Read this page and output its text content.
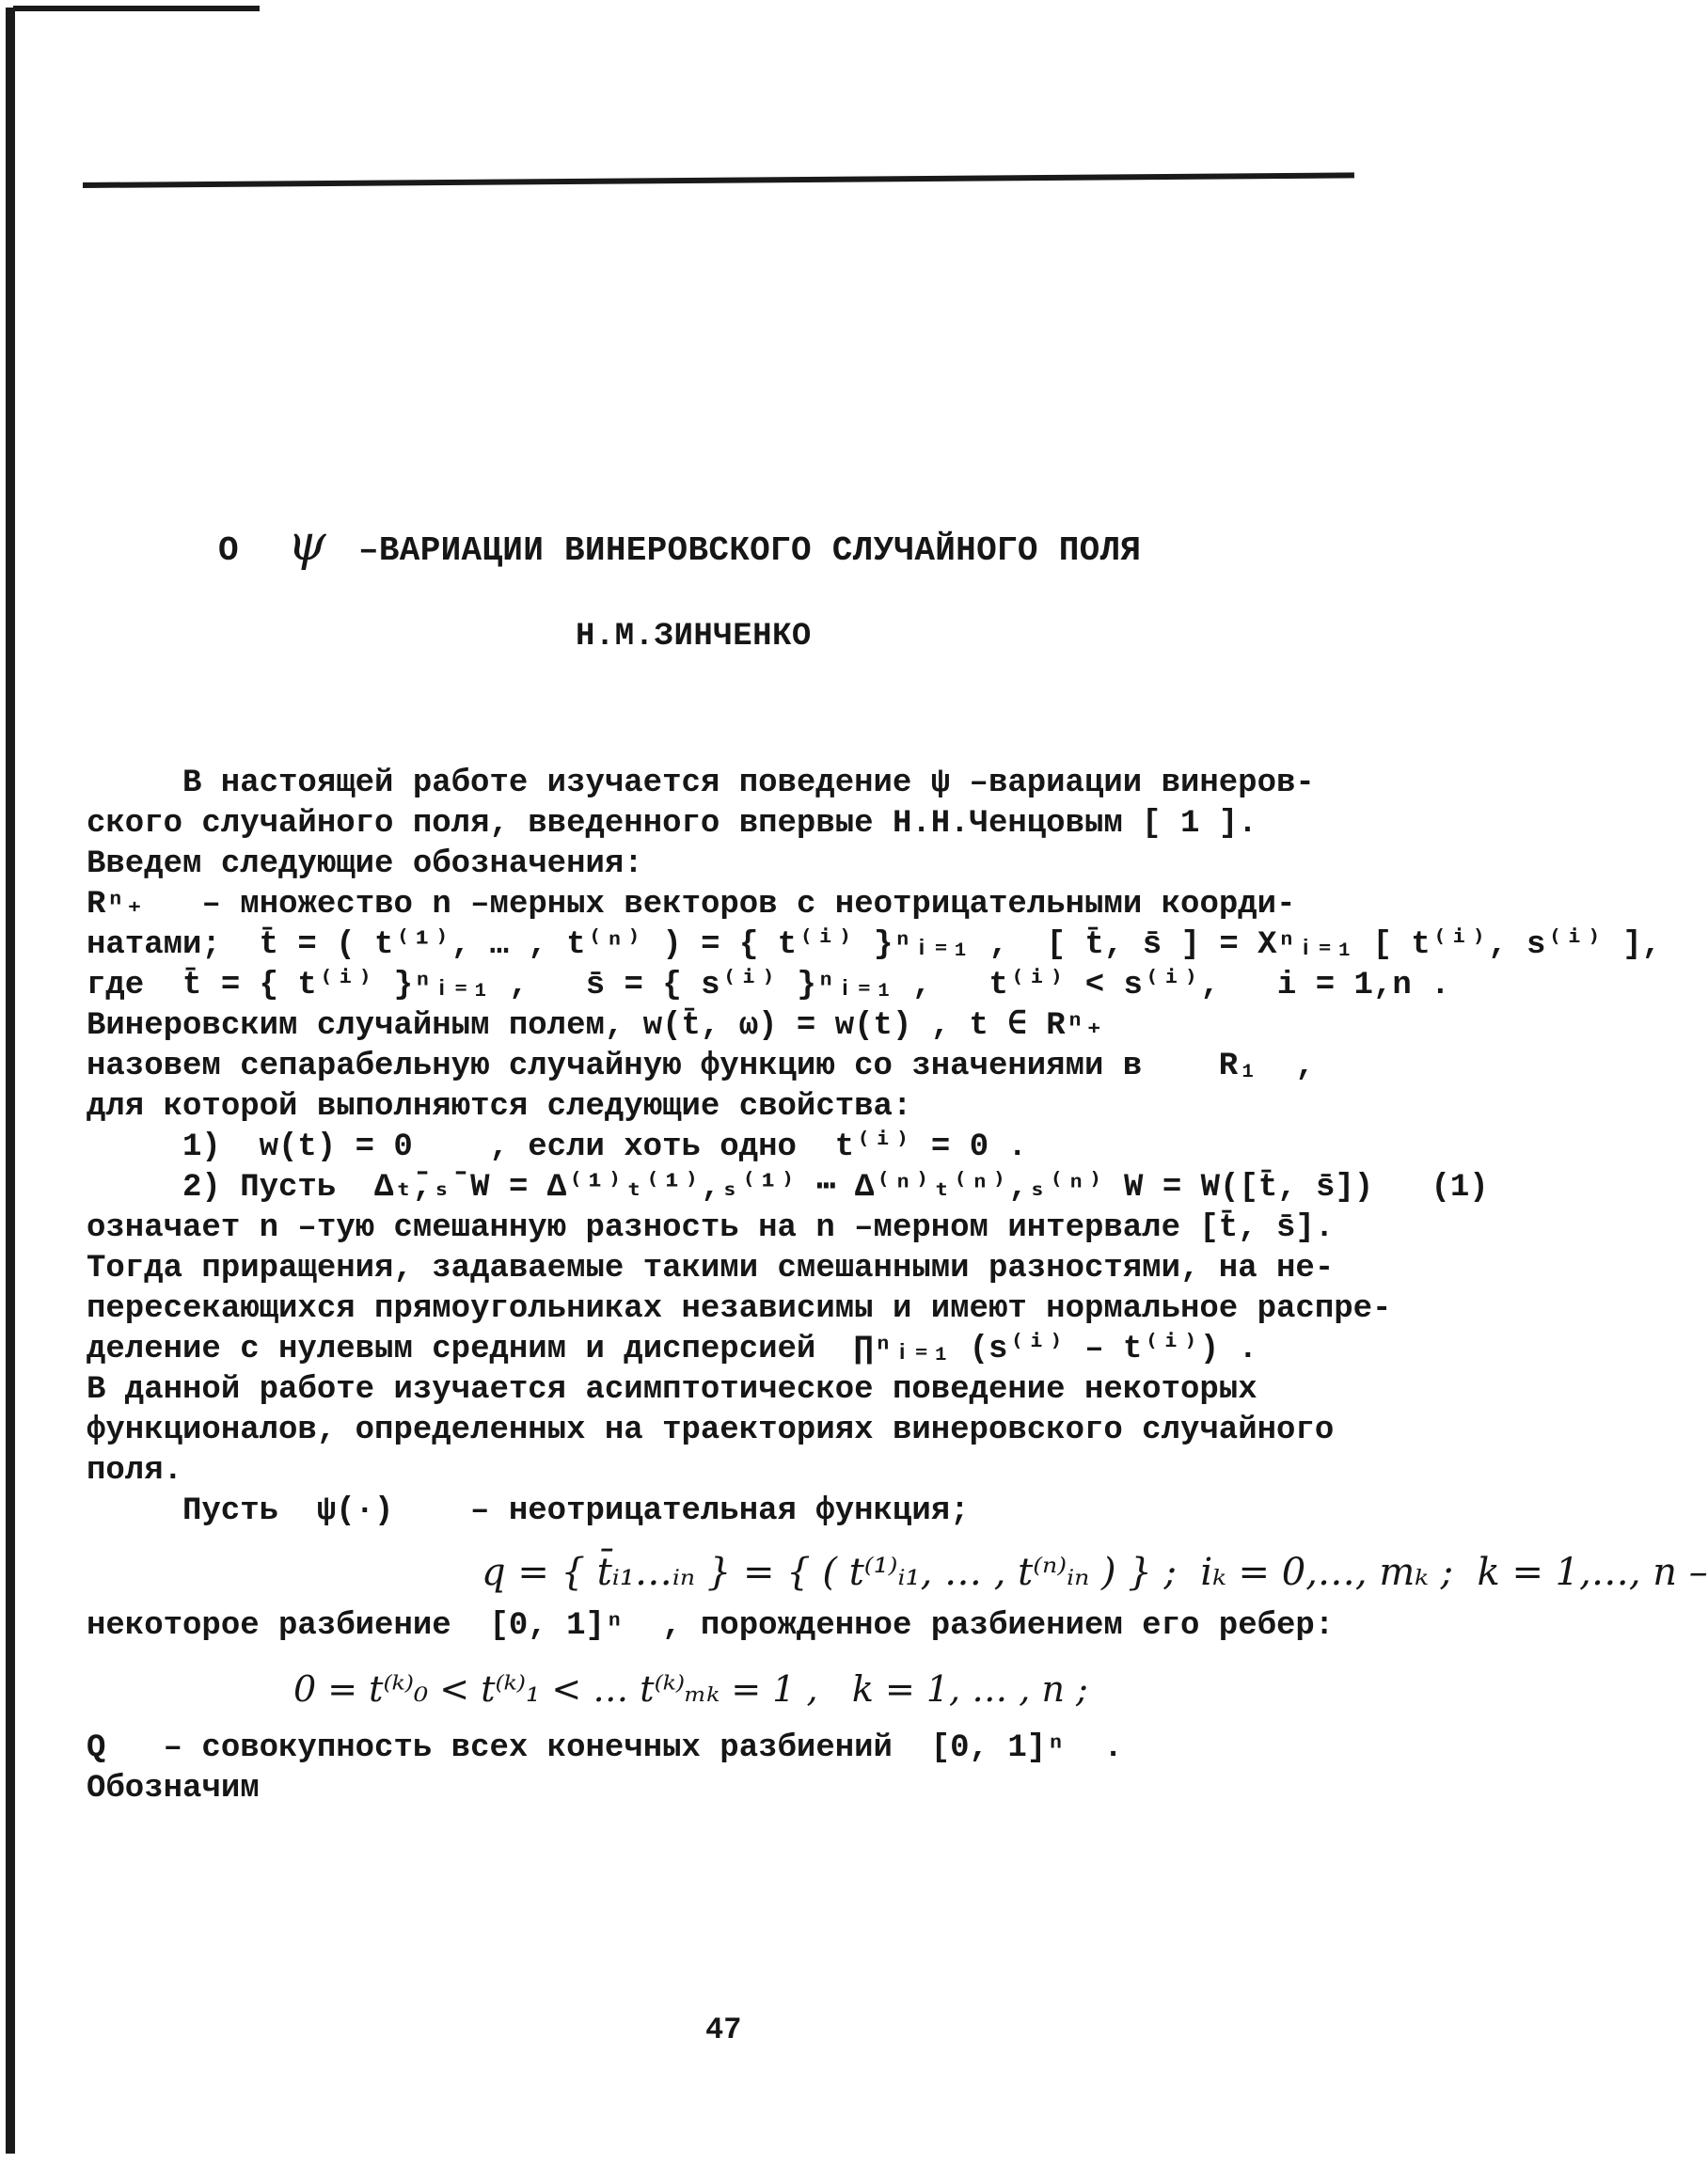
О ψ –ВАРИАЦИИ ВИНЕРОВСКОГО СЛУЧАЙНОГО ПОЛЯ
Н.М.ЗИНЧЕНКО
В настоящей работе изучается поведение ψ –вариации винеров-
ского случайного поля, введенного впервые Н.Н.Ченцовым [ 1 ].
Введем следующие обозначения:
Rⁿ₊   – множество n –мерных векторов с неотрицательными коорди-
натами;  t̄ = ( t⁽¹⁾, … , t⁽ⁿ⁾ ) = { t⁽ⁱ⁾ }ⁿᵢ₌₁ ,  [ t̄, s̄ ] = Xⁿᵢ₌₁ [ t⁽ⁱ⁾, s⁽ⁱ⁾ ],
где  t̄ = { t⁽ⁱ⁾ }ⁿᵢ₌₁ ,   s̄ = { s⁽ⁱ⁾ }ⁿᵢ₌₁ ,   t⁽ⁱ⁾ < s⁽ⁱ⁾,   i = 1,n .
Винеровским случайным полем, w(t̄, ω) = w(t) , t ∈ Rⁿ₊
назовем сепарабельную случайную функцию со значениями в    R₁  ,
для которой выполняются следующие свойства:
1)  w(t) = 0    , если хоть одно  t⁽ⁱ⁾ = 0 .
2) Пусть  Δₜ̄,ₛ̄ W = Δ⁽¹⁾ₜ⁽¹⁾,ₛ⁽¹⁾ ⋯ Δ⁽ⁿ⁾ₜ⁽ⁿ⁾,ₛ⁽ⁿ⁾ W = W([t̄, s̄])   (1)
означает n –тую смешанную разность на n –мерном интервале [t̄, s̄].
Тогда приращения, задаваемые такими смешанными разностями, на не-
пересекающихся прямоугольниках независимы и имеют нормальное распре-
деление с нулевым средним и дисперсией  ∏ⁿᵢ₌₁ (s⁽ⁱ⁾ – t⁽ⁱ⁾) .
В данной работе изучается асимптотическое поведение некоторых
функционалов, определенных на траекториях винеровского случайного
поля.
Пусть  ψ(·)    – неотрицательная функция;
q = { t̄ᵢ₁…ᵢₙ } = { ( t⁽¹⁾ᵢ₁, … , t⁽ⁿ⁾ᵢₙ ) } ;  iₖ = 0,…, mₖ ;  k = 1,…, n –
некоторое разбиение  [0, 1]ⁿ  , порожденное разбиением его ребер:
0 = t⁽ᵏ⁾₀ < t⁽ᵏ⁾₁ < … t⁽ᵏ⁾ₘₖ = 1 ,   k = 1, … , n ;
Q   – совокупность всех конечных разбиений  [0, 1]ⁿ  .
Обозначим
47
